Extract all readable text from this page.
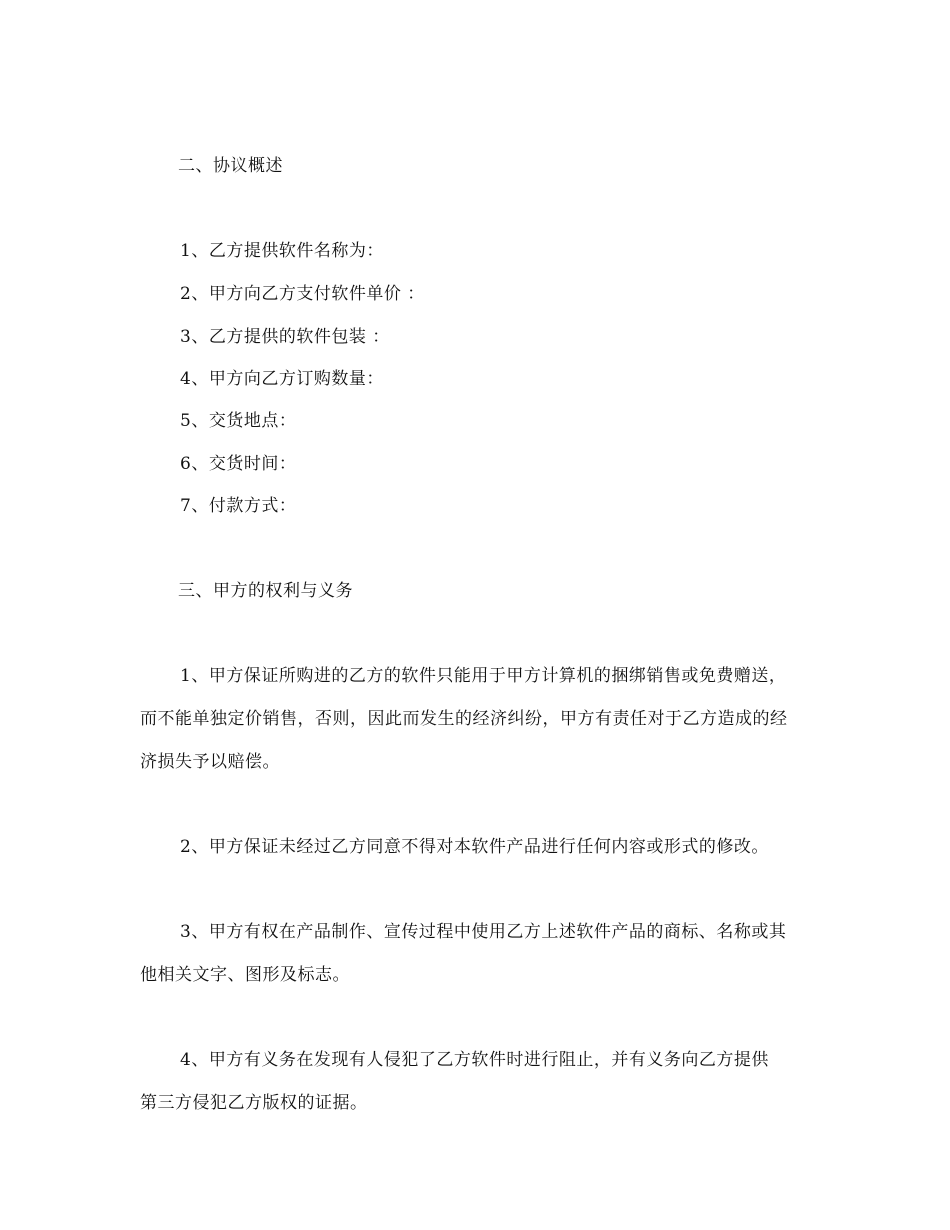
二、协议概述
1、乙方提供软件名称为：
2、甲方向乙方支付软件单价 ：
3、乙方提供的软件包装 ：
4、甲方向乙方订购数量：
5、交货地点：
6、交货时间：
7、付款方式：
三、甲方的权利与义务
1、甲方保证所购进的乙方的软件只能用于甲方计算机的捆绑销售或免费赠送，
而不能单独定价销售，否则，因此而发生的经济纠纷，甲方有责任对于乙方造成的经
济损失予以赔偿。
2、甲方保证未经过乙方同意不得对本软件产品进行任何内容或形式的修改。
3、甲方有权在产品制作、宣传过程中使用乙方上述软件产品的商标、名称或其
他相关文字、图形及标志。
4、甲方有义务在发现有人侵犯了乙方软件时进行阻止，并有义务向乙方提供
第三方侵犯乙方版权的证据。
